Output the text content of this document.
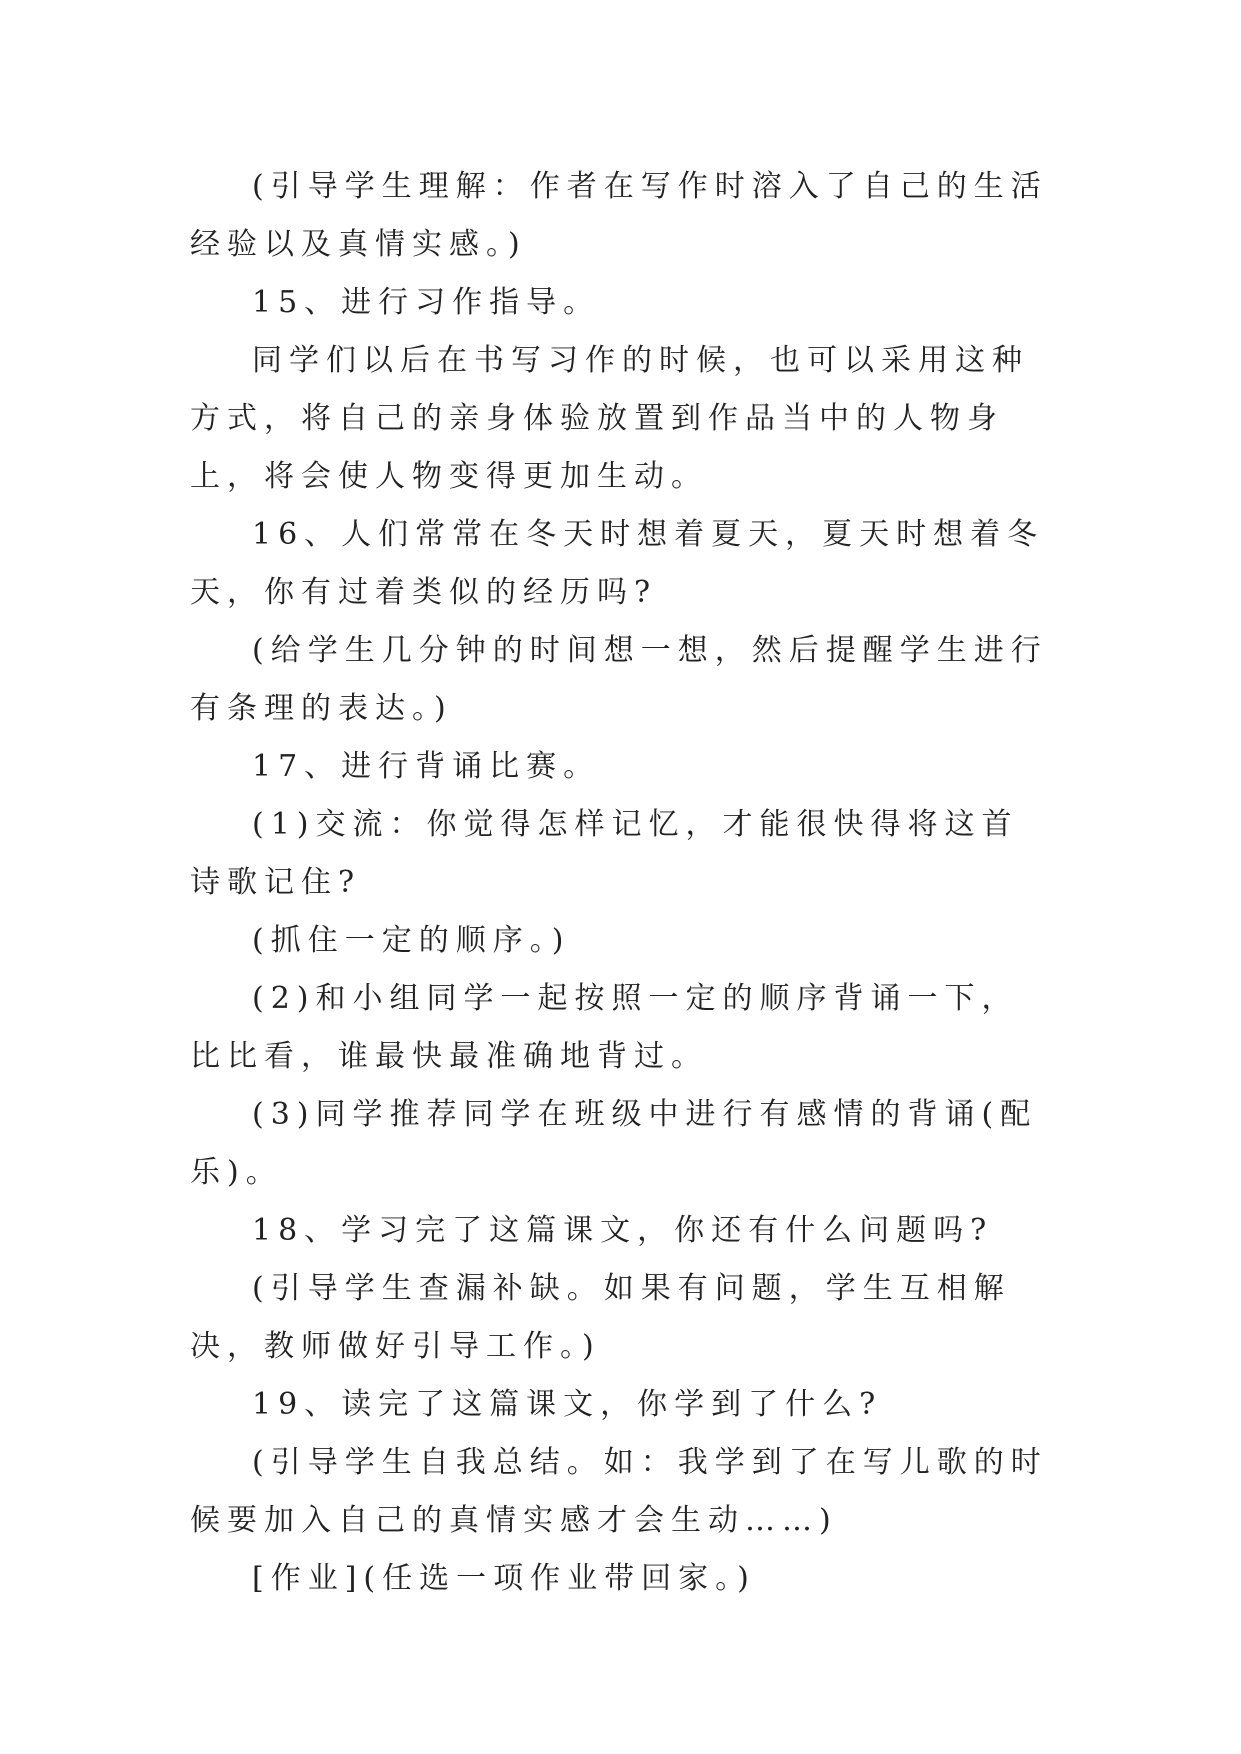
(引导学生理解：作者在写作时溶入了自己的生活经验以及真情实感。)

15、进行习作指导。

同学们以后在书写习作的时候，也可以采用这种方式，将自己的亲身体验放置到作品当中的人物身上，将会使人物变得更加生动。

16、人们常常在冬天时想着夏天，夏天时想着冬天，你有过着类似的经历吗?

(给学生几分钟的时间想一想，然后提醒学生进行有条理的表达。)

17、进行背诵比赛。

(1)交流：你觉得怎样记忆，才能很快得将这首诗歌记住?

(抓住一定的顺序。)

(2)和小组同学一起按照一定的顺序背诵一下，比比看，谁最快最准确地背过。

(3)同学推荐同学在班级中进行有感情的背诵(配乐)。

18、学习完了这篇课文，你还有什么问题吗?

(引导学生查漏补缺。如果有问题，学生互相解决，教师做好引导工作。)

19、读完了这篇课文，你学到了什么?

(引导学生自我总结。如：我学到了在写儿歌的时候要加入自己的真情实感才会生动……)

[作业](任选一项作业带回家。)
